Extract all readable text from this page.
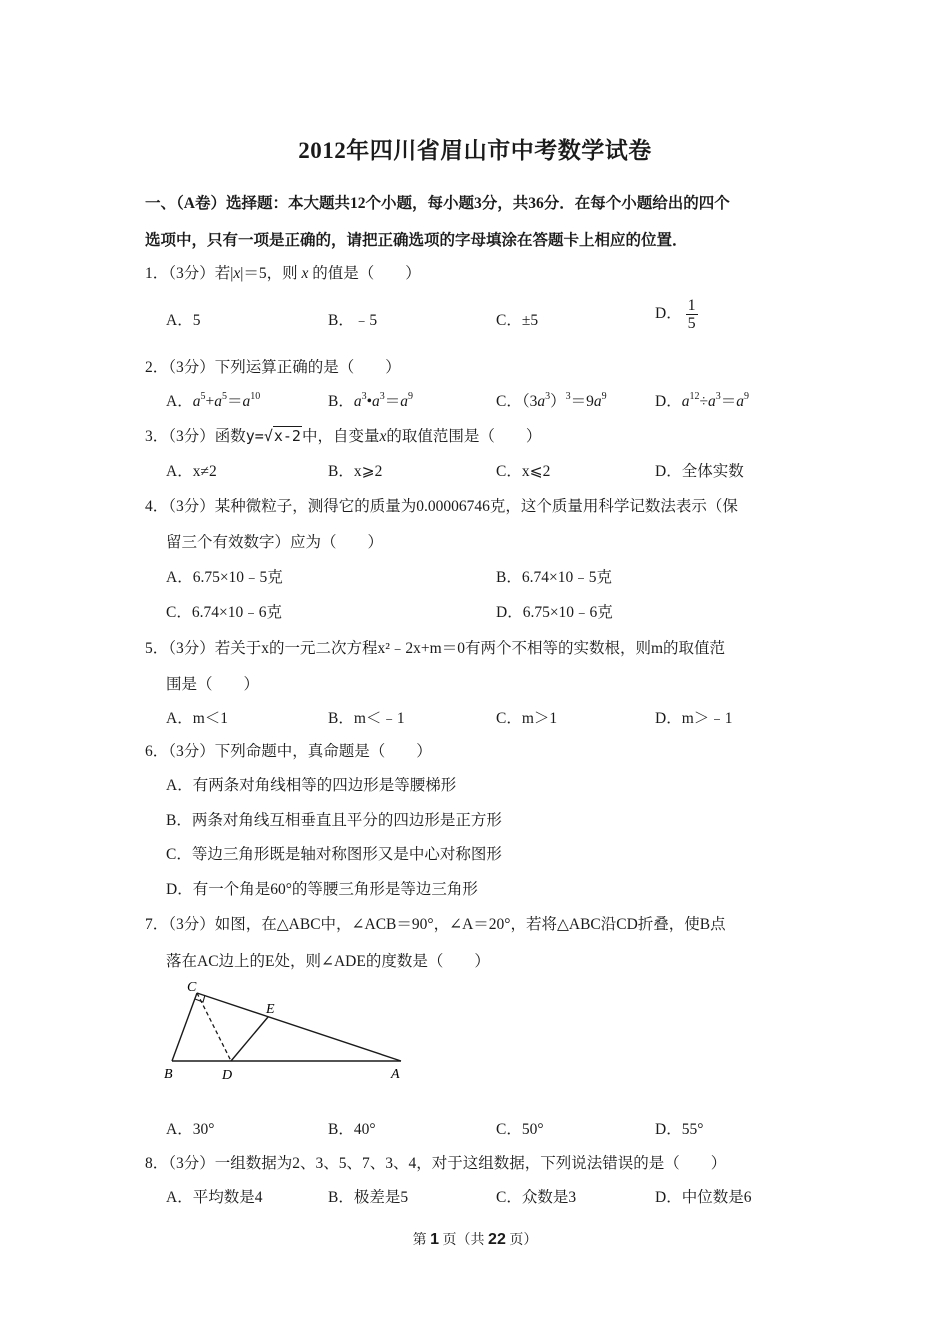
2012年四川省眉山市中考数学试卷
一、（A卷）选择题：本大题共12个小题，每小题3分，共36分．在每个小题给出的四个
选项中，只有一项是正确的，请把正确选项的字母填涂在答题卡上相应的位置．
1．（3分）若|x|＝5，则 x 的值是（　　）
A．5	B．﹣5	C．±5	D． $\frac{1}{5}$
2．（3分）下列运算正确的是（　　）
A．$a^5+a^5=a^{10}$	B．$a^3•a^3=a^9$	C．$(3a^3)^3=9a^9$	D．$a^{12}\div a^3=a^9$
3．（3分）函数y=√x-2中，自变量x的取值范围是（　　）
A．x≠2	B．x⩾2	C．x⩽2	D．全体实数
4．（3分）某种微粒子，测得它的质量为0.00006746克，这个质量用科学记数法表示（保
留三个有效数字）应为（　　）
A．6.75×10﹣5克	B．6.74×10﹣5克
C．6.74×10﹣6克	D．6.75×10﹣6克
5．（3分）若关于x的一元二次方程x²﹣2x+m＝0有两个不相等的实数根，则m的取值范
围是（　　）
A．m＜1	B．m＜﹣1	C．m＞1	D．m＞﹣1
6．（3分）下列命题中，真命题是（　　）
A．有两条对角线相等的四边形是等腰梯形
B．两条对角线互相垂直且平分的四边形是正方形
C．等边三角形既是轴对称图形又是中心对称图形
D．有一个角是60°的等腰三角形是等边三角形
7．（3分）如图，在△ABC中，∠ACB＝90°，∠A＝20°，若将△ABC沿CD折叠，使B点
落在AC边上的E处，则∠ADE的度数是（　　）
C
E
B	D	A
A．30°	B．40°	C．50°	D．55°
8．（3分）一组数据为2、3、5、7、3、4，对于这组数据，下列说法错误的是（　　）
A．平均数是4	B．极差是5	C．众数是3	D．中位数是6
第 1 页（共 22 页）
